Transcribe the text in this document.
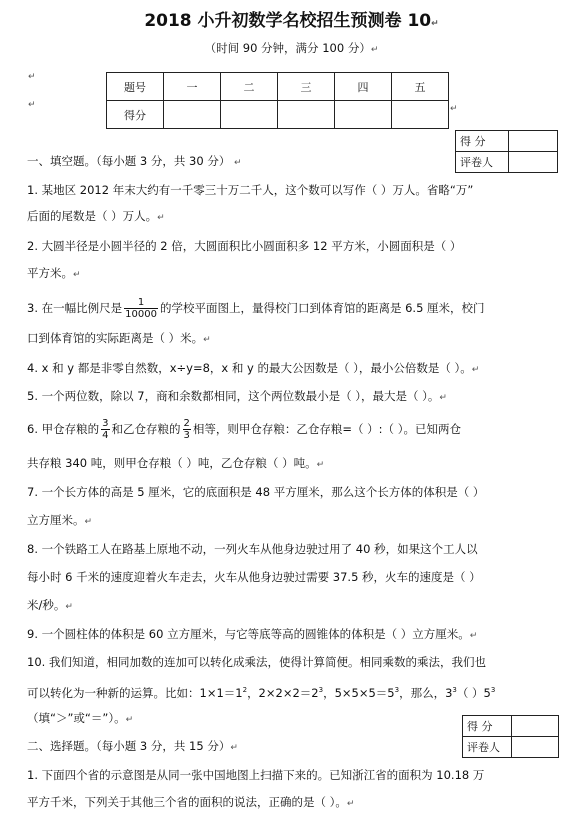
2018 小升初数学名校招生预测卷 10↵
（时间 90 分钟，满分 100 分）↵
↵
↵	↵
题号	一	二	三	四	五
得分					
得 分	
评卷人	
一、填空题。（每小题 3 分，共 30 分） ↵
1. 某地区 2012 年末大约有一千零三十万二千人，这个数可以写作（ ）万人。省略“万”
后面的尾数是（ ）万人。↵
2. 大圆半径是小圆半径的 2 倍，大圆面积比小圆面积多 12 平方米，小圆面积是（ ）
平方米。↵
3. 在一幅比例尺是 $\frac{1}{10000}$ 的学校平面图上，量得校门口到体育馆的距离是 6.5 厘米，校门
口到体育馆的实际距离是（ ）米。↵
4. x 和 y 都是非零自然数，x÷y=8，x 和 y 的最大公因数是（ ），最小公倍数是（ ）。↵
5. 一个两位数，除以 7，商和余数都相同，这个两位数最小是（ ），最大是（ ）。↵
6. 甲仓存粮的 $\frac{3}{4}$ 和乙仓存粮的 $\frac{2}{3}$ 相等，则甲仓存粮：乙仓存粮=（ ）:（ ）。已知两仓
共存粮 340 吨，则甲仓存粮（ ）吨，乙仓存粮（ ）吨。↵
7. 一个长方体的高是 5 厘米，它的底面积是 48 平方厘米，那么这个长方体的体积是（ ）
立方厘米。↵
8. 一个铁路工人在路基上原地不动，一列火车从他身边驶过用了 40 秒，如果这个工人以
每小时 6 千米的速度迎着火车走去，火车从他身边驶过需要 37.5 秒，火车的速度是（ ）
米/秒。↵
9. 一个圆柱体的体积是 60 立方厘米，与它等底等高的圆锥体的体积是（ ）立方厘米。↵
10. 我们知道，相同加数的连加可以转化成乘法，使得计算简便。相同乘数的乘法，我们也
可以转化为一种新的运算。比如：$1\times 1=1^2$，$2\times 2\times 2=2^3$，$5\times 5\times 5=5^3$，那么，$3^3$（ ）$5^3$
（填“＞”或“＝”）。↵	得 分	
评卷人	
二、选择题。（每小题 3 分，共 15 分）↵
1. 下面四个省的示意图是从同一张中国地图上扫描下来的。已知浙江省的面积为 10.18 万
平方千米，下列关于其他三个省的面积的说法，正确的是（ ）。↵
